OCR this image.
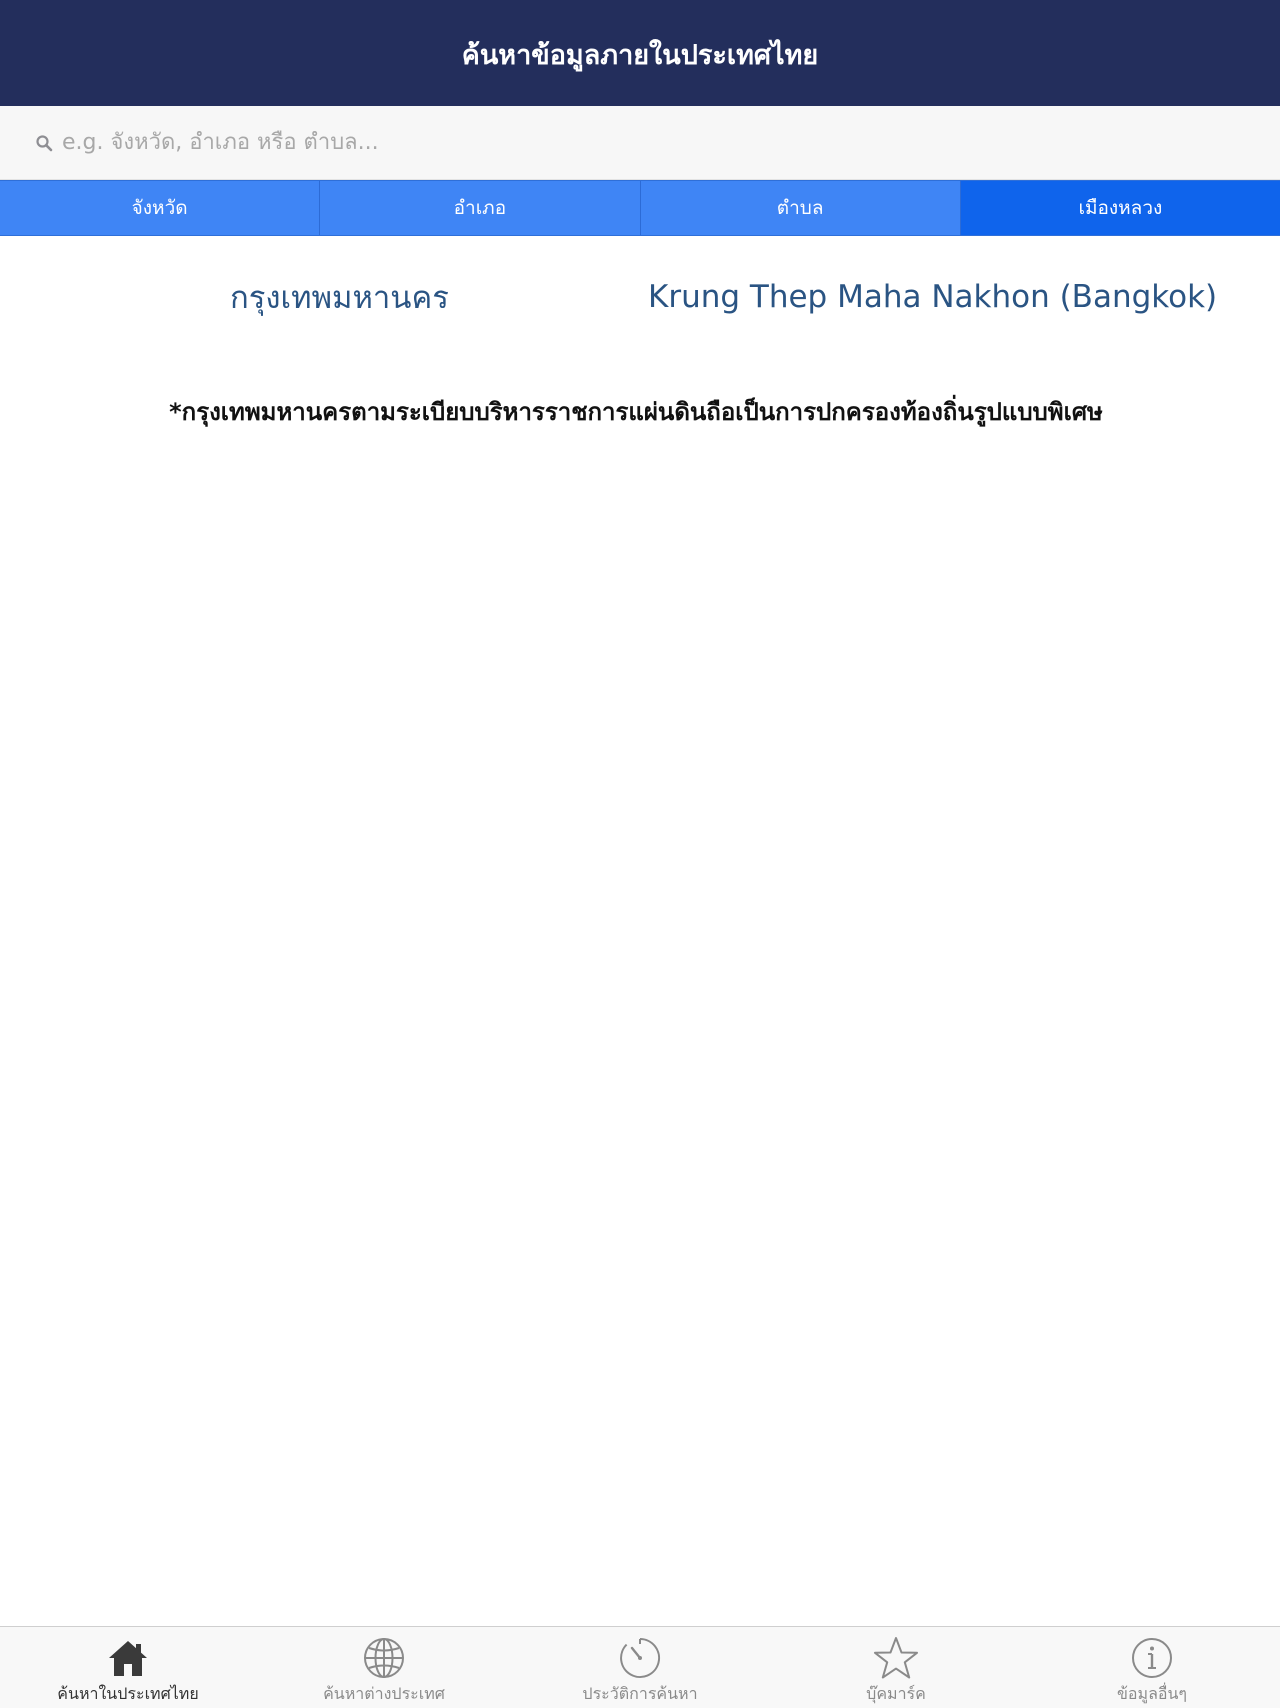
ค้นหาข้อมูลภายในประเทศไทย
e.g. จังหวัด, อำเภอ หรือ ตำบล...
จังหวัด	อำเภอ	ตำบล	เมืองหลวง
กรุงเทพมหานคร	Krung Thep Maha Nakhon (Bangkok)
*กรุงเทพมหานครตามระเบียบบริหารราชการแผ่นดินถือเป็นการปกครองท้องถิ่นรูปแบบพิเศษ
ค้นหาในประเทศไทย	ค้นหาต่างประเทศ	ประวัติการค้นหา	บุ๊คมาร์ค	ข้อมูลอื่นๆ
